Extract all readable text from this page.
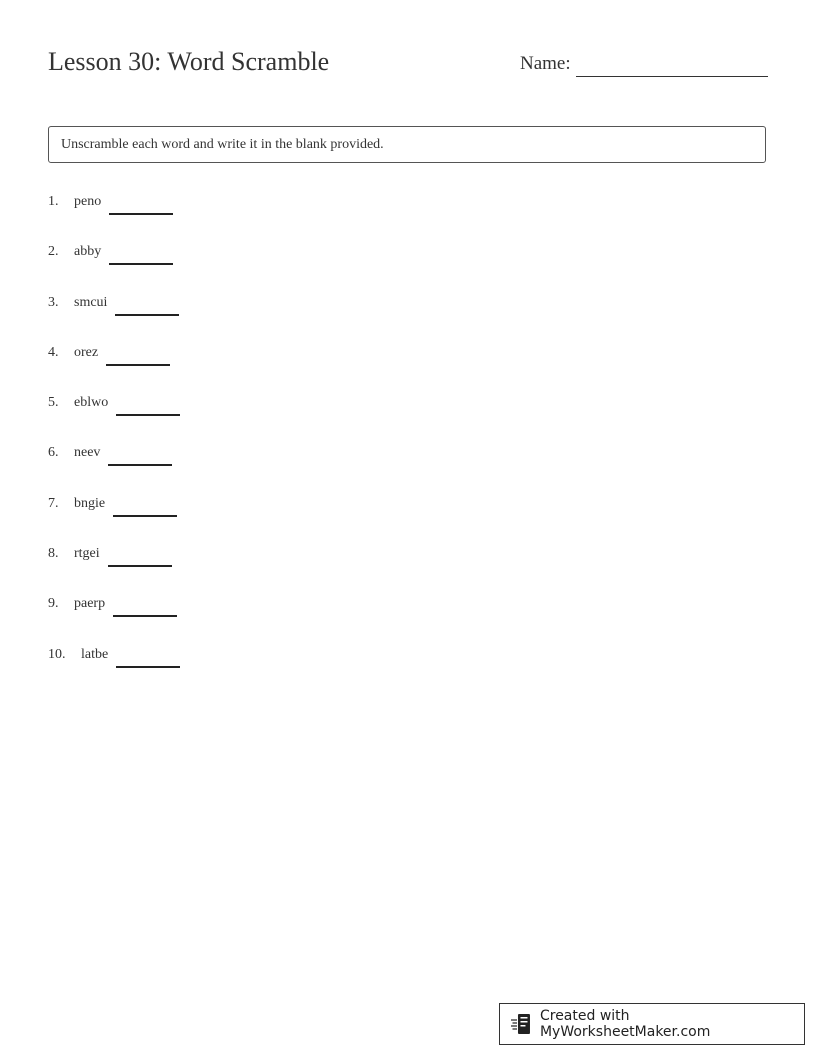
Lesson 30: Word Scramble	Name:
Unscramble each word and write it in the blank provided.
1.	peno
2.	abby
3.	smcui
4.	orez
5.	eblwo
6.	neev
7.	bngie
8.	rtgei
9.	paerp
10.	latbe
Created with MyWorksheetMaker.com
